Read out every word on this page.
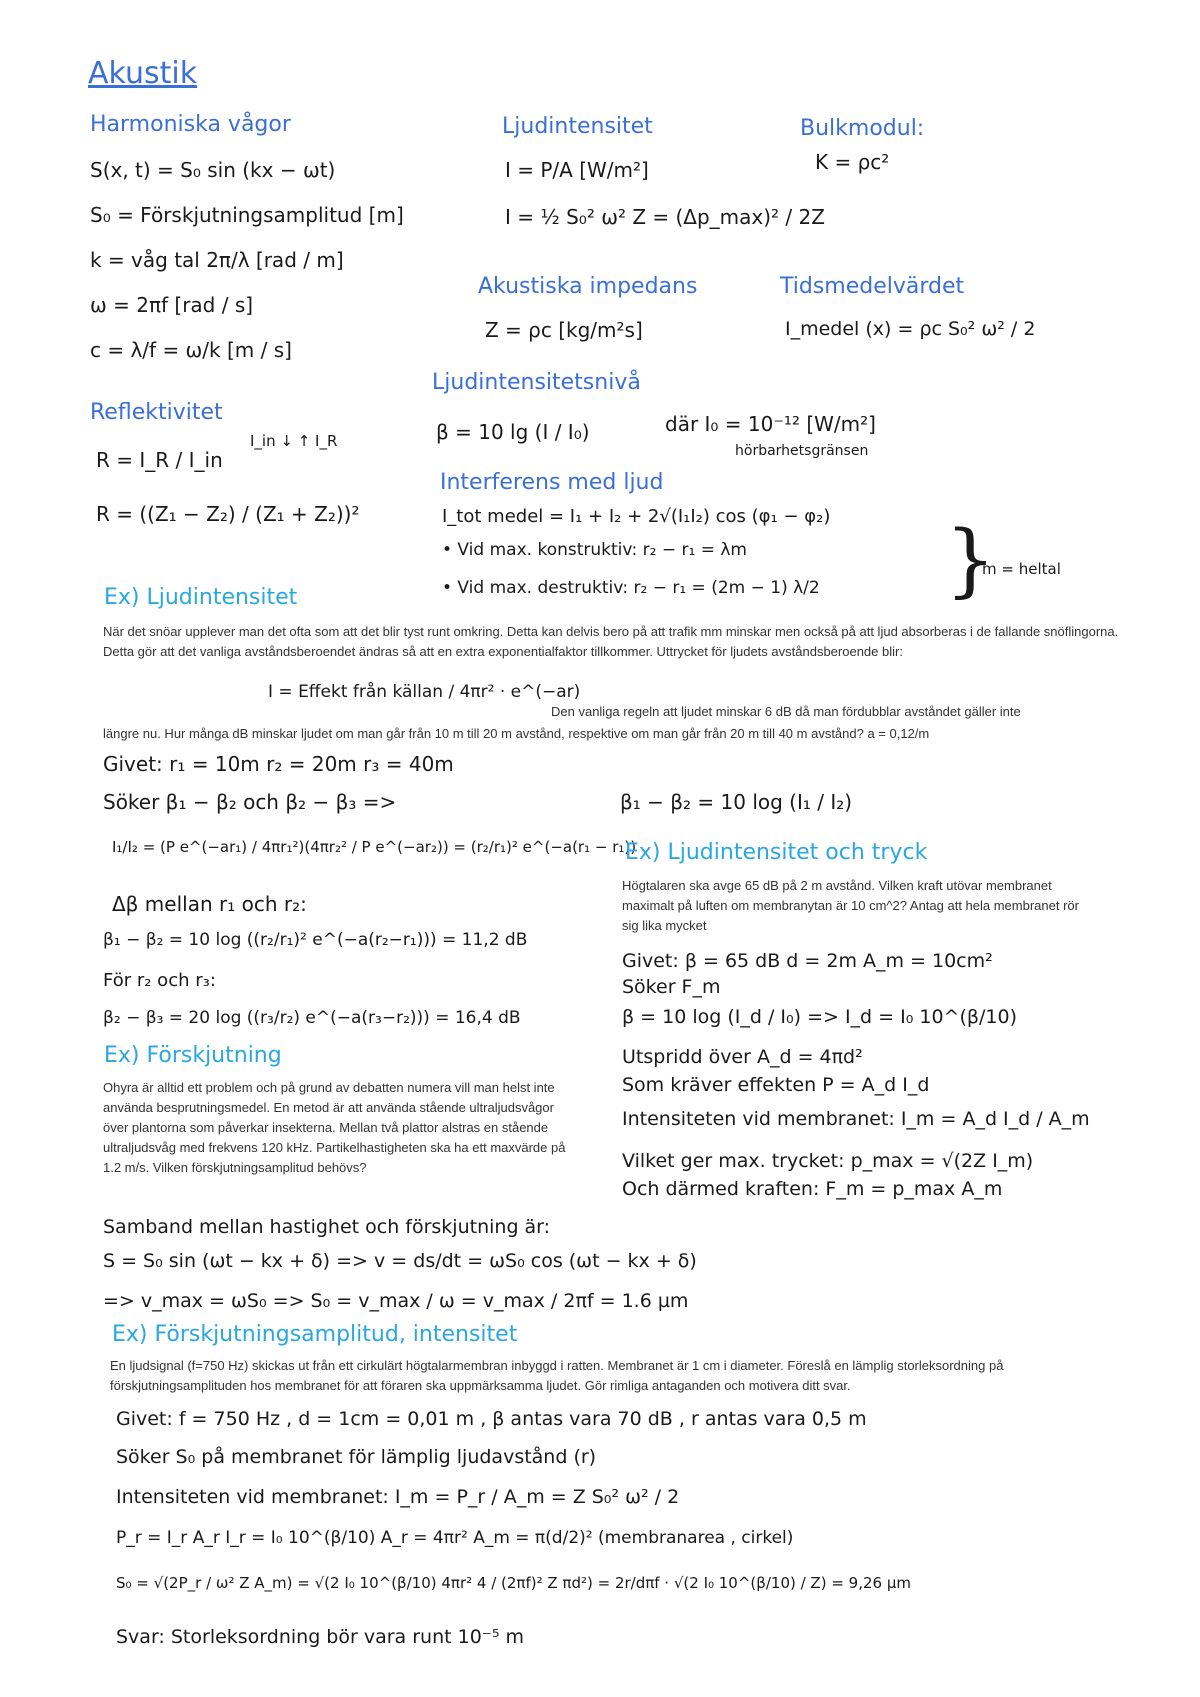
Akustik
Harmoniska vågor
S(x, t) = S₀ sin (kx − ωt)
S₀ = Förskjutningsamplitud [m]
k = våg tal 2π/λ [rad / m]
ω = 2πf [rad / s]
c = λ/f = ω/k [m / s]
Ljudintensitet
I = P/A [W/m²]
I = ½ S₀² ω² Z = (Δp_max)² / 2Z
Bulkmodul:
K = ρc²
Akustiska impedans
Z = ρc [kg/m²s]
Tidsmedelvärdet
I_medel (x) = ρc S₀² ω² / 2
Reflektivitet
R = I_R / I_in
I_in ↓ ↑ I_R
R = ((Z₁ − Z₂) / (Z₁ + Z₂))²
Ljudintensitetsnivå
β = 10 lg (I / I₀)	där I₀ = 10⁻¹² [W/m²]
hörbarhetsgränsen
Interferens med ljud
I_tot medel = I₁ + I₂ + 2√(I₁I₂) cos (φ₁ − φ₂)
• Vid max. konstruktiv: r₂ − r₁ = λm
• Vid max. destruktiv: r₂ − r₁ = (2m − 1) λ/2 }
m = heltal
Ex) Ljudintensitet
När det snöar upplever man det ofta som att det blir tyst runt omkring. Detta kan delvis bero på att trafik mm minskar men också på att ljud absorberas i de fallande snöflingorna. Detta gör att det vanliga avståndsberoendet ändras så att en extra exponentialfaktor tillkommer. Uttrycket för ljudets avståndsberoende blir:
I = Effekt från källan / 4πr² · e^(−ar)
Den vanliga regeln att ljudet minskar 6 dB då man fördubblar avståndet gäller inte
längre nu. Hur många dB minskar ljudet om man går från 10 m till 20 m avstånd, respektive om man går från 20 m till 40 m avstånd? a = 0,12/m
Givet: r₁ = 10m r₂ = 20m r₃ = 40m
Söker β₁ − β₂ och β₂ − β₃ =>	β₁ − β₂ = 10 log (I₁ / I₂)
I₁/I₂ = (P e^(−ar₁) / 4πr₁²)(4πr₂² / P e^(−ar₂)) = (r₂/r₁)² e^(−a(r₁ − r₁))
Δβ mellan r₁ och r₂:
β₁ − β₂ = 10 log ((r₂/r₁)² e^(−a(r₂−r₁))) = 11,2 dB
För r₂ och r₃:
β₂ − β₃ = 20 log ((r₃/r₂) e^(−a(r₃−r₂))) = 16,4 dB
Ex) Ljudintensitet och tryck
Högtalaren ska avge 65 dB på 2 m avstånd. Vilken kraft utövar membranet maximalt på luften om membranytan är 10 cm^2? Antag att hela membranet rör sig lika mycket
Givet: β = 65 dB d = 2m A_m = 10cm²
Söker F_m
β = 10 log (I_d / I₀) => I_d = I₀ 10^(β/10)
Utspridd över A_d = 4πd²
Som kräver effekten P = A_d I_d
Intensiteten vid membranet: I_m = A_d I_d / A_m
Vilket ger max. trycket: p_max = √(2Z I_m)
Och därmed kraften: F_m = p_max A_m
Ex) Förskjutning
Ohyra är alltid ett problem och på grund av debatten numera vill man helst inte använda besprutningsmedel. En metod är att använda stående ultraljudsvågor över plantorna som påverkar insekterna. Mellan två plattor alstras en stående ultraljudsvåg med frekvens 120 kHz. Partikelhastigheten ska ha ett maxvärde på 1.2 m/s. Vilken förskjutningsamplitud behövs?
Samband mellan hastighet och förskjutning är:
S = S₀ sin (ωt − kx + δ) => v = ds/dt = ωS₀ cos (ωt − kx + δ)
=> v_max = ωS₀ => S₀ = v_max / ω = v_max / 2πf = 1.6 µm
Ex) Förskjutningsamplitud, intensitet
En ljudsignal (f=750 Hz) skickas ut från ett cirkulärt högtalarmembran inbyggd i ratten. Membranet är 1 cm i diameter. Föreslå en lämplig storleksordning på förskjutningsamplituden hos membranet för att föraren ska uppmärksamma ljudet. Gör rimliga antaganden och motivera ditt svar.
Givet: f = 750 Hz , d = 1cm = 0,01 m , β antas vara 70 dB , r antas vara 0,5 m
Söker S₀ på membranet för lämplig ljudavstånd (r)
Intensiteten vid membranet: I_m = P_r / A_m = Z S₀² ω² / 2
P_r = I_r A_r I_r = I₀ 10^(β/10) A_r = 4πr² A_m = π(d/2)² (membranarea , cirkel)
S₀ = √(2P_r / ω² Z A_m) = √(2 I₀ 10^(β/10) 4πr² 4 / (2πf)² Z πd²) = 2r/dπf · √(2 I₀ 10^(β/10) / Z) = 9,26 µm
Svar: Storleksordning bör vara runt 10⁻⁵ m
